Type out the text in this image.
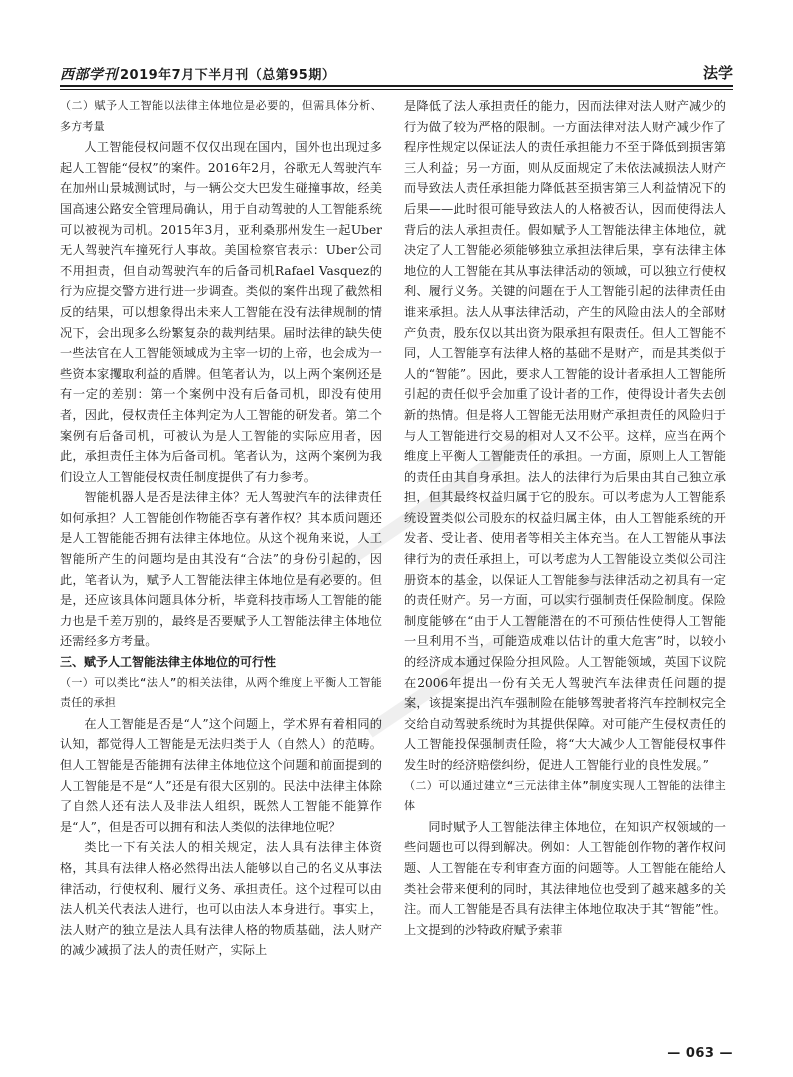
西部学刊 2019年7月下半月刊（总第95期）	法学

（二）赋予人工智能以法律主体地位是必要的，但需具体分析、多方考量

人工智能侵权问题不仅仅出现在国内，国外也出现过多起人工智能“侵权”的案件。2016年2月，谷歌无人驾驶汽车在加州山景城测试时，与一辆公交大巴发生碰撞事故，经美国高速公路安全管理局确认，用于自动驾驶的人工智能系统可以被视为司机。2015年3月，亚利桑那州发生一起Uber无人驾驶汽车撞死行人事故。美国检察官表示：Uber公司不用担责，但自动驾驶汽车的后备司机Rafael Vasquez的行为应提交警方进行进一步调查。类似的案件出现了截然相反的结果，可以想象得出未来人工智能在没有法律规制的情况下，会出现多么纷繁复杂的裁判结果。届时法律的缺失使一些法官在人工智能领域成为主宰一切的上帝，也会成为一些资本家攫取利益的盾牌。但笔者认为，以上两个案例还是有一定的差别：第一个案例中没有后备司机，即没有使用者，因此，侵权责任主体判定为人工智能的研发者。第二个案例有后备司机，可被认为是人工智能的实际应用者，因此，承担责任主体为后备司机。笔者认为，这两个案例为我们设立人工智能侵权责任制度提供了有力参考。

智能机器人是否是法律主体？无人驾驶汽车的法律责任如何承担？人工智能创作物能否享有著作权？其本质问题还是人工智能能否拥有法律主体地位。从这个视角来说，人工智能所产生的问题均是由其没有“合法”的身份引起的，因此，笔者认为，赋予人工智能法律主体地位是有必要的。但是，还应该具体问题具体分析，毕竟科技市场人工智能的能力也是千差万别的，最终是否要赋予人工智能法律主体地位还需经多方考量。

三、赋予人工智能法律主体地位的可行性

（一）可以类比“法人”的相关法律，从两个维度上平衡人工智能责任的承担

在人工智能是否是“人”这个问题上，学术界有着相同的认知，都觉得人工智能是无法归类于人（自然人）的范畴。但人工智能是否能拥有法律主体地位这个问题和前面提到的人工智能是不是“人”还是有很大区别的。民法中法律主体除了自然人还有法人及非法人组织，既然人工智能不能算作是“人”，但是否可以拥有和法人类似的法律地位呢？

类比一下有关法人的相关规定，法人具有法律主体资格，其具有法律人格必然得出法人能够以自己的名义从事法律活动，行使权利、履行义务、承担责任。这个过程可以由法人机关代表法人进行，也可以由法人本身进行。事实上，法人财产的独立是法人具有法律人格的物质基础，法人财产的减少减损了法人的责任财产，实际上

是降低了法人承担责任的能力，因而法律对法人财产减少的行为做了较为严格的限制。一方面法律对法人财产减少作了程序性规定以保证法人的责任承担能力不至于降低到损害第三人利益；另一方面，则从反面规定了未依法减损法人财产而导致法人责任承担能力降低甚至损害第三人利益情况下的后果——此时很可能导致法人的人格被否认，因而使得法人背后的法人承担责任。假如赋予人工智能法律主体地位，就决定了人工智能必须能够独立承担法律后果，享有法律主体地位的人工智能在其从事法律活动的领域，可以独立行使权利、履行义务。关键的问题在于人工智能引起的法律责任由谁来承担。法人从事法律活动，产生的风险由法人的全部财产负责，股东仅以其出资为限承担有限责任。但人工智能不同，人工智能享有法律人格的基础不是财产，而是其类似于人的“智能”。因此，要求人工智能的设计者承担人工智能所引起的责任似乎会加重了设计者的工作，使得设计者失去创新的热情。但是将人工智能无法用财产承担责任的风险归于与人工智能进行交易的相对人又不公平。这样，应当在两个维度上平衡人工智能责任的承担。一方面，原则上人工智能的责任由其自身承担。法人的法律行为后果由其自己独立承担，但其最终权益归属于它的股东。可以考虑为人工智能系统设置类似公司股东的权益归属主体，由人工智能系统的开发者、受让者、使用者等相关主体充当。在人工智能从事法律行为的责任承担上，可以考虑为人工智能设立类似公司注册资本的基金，以保证人工智能参与法律活动之初具有一定的责任财产。另一方面，可以实行强制责任保险制度。保险制度能够在“由于人工智能潜在的不可预估性使得人工智能一旦利用不当，可能造成难以估计的重大危害”时，以较小的经济成本通过保险分担风险。人工智能领域，英国下议院在2006年提出一份有关无人驾驶汽车法律责任问题的提案，该提案提出汽车强制险在能够驾驶者将汽车控制权完全交给自动驾驶系统时为其提供保障。对可能产生侵权责任的人工智能投保强制责任险，将“大大减少人工智能侵权事件发生时的经济赔偿纠纷，促进人工智能行业的良性发展。”

（二）可以通过建立“三元法律主体”制度实现人工智能的法律主体

同时赋予人工智能法律主体地位，在知识产权领域的一些问题也可以得到解决。例如：人工智能创作物的著作权问题、人工智能在专利审查方面的问题等。人工智能在能给人类社会带来便利的同时，其法律地位也受到了越来越多的关注。而人工智能是否具有法律主体地位取决于其“智能”性。上文提到的沙特政府赋予索菲

— 063 —
